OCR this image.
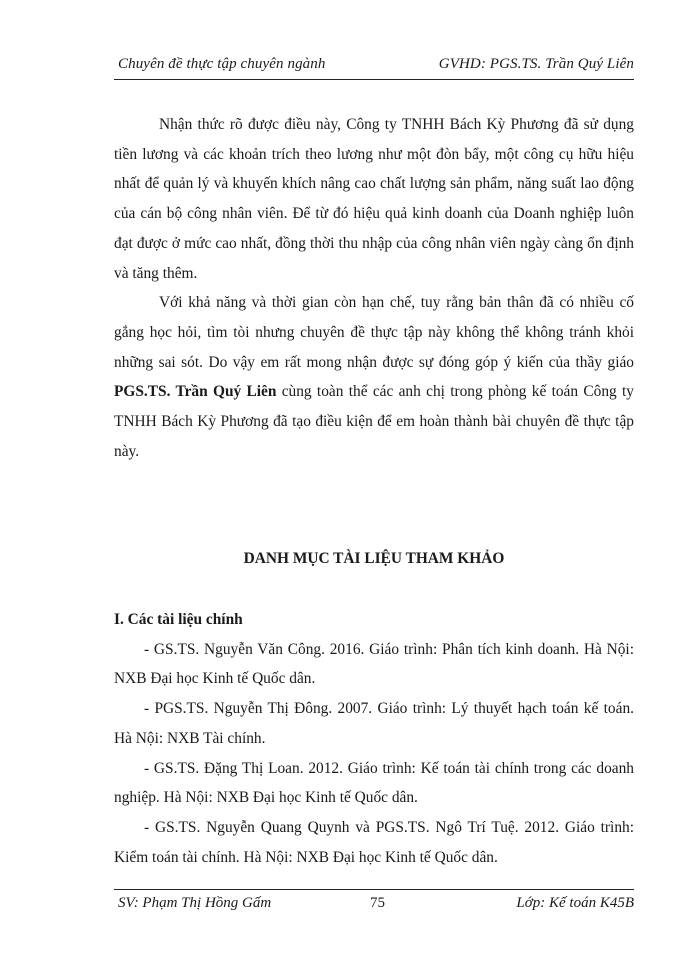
Chuyên đề thực tập chuyên ngành	GVHD: PGS.TS. Trần Quý Liên

Nhận thức rõ được điều này, Công ty TNHH Bách Kỳ Phương đã sử dụng tiền lương và các khoản trích theo lương như một đòn bẩy, một công cụ hữu hiệu nhất để quản lý và khuyến khích nâng cao chất lượng sản phẩm, năng suất lao động của cán bộ công nhân viên. Để từ đó hiệu quả kinh doanh của Doanh nghiệp luôn đạt được ở mức cao nhất, đồng thời thu nhập của công nhân viên ngày càng ổn định và tăng thêm.

Với khả năng và thời gian còn hạn chế, tuy rằng bản thân đã có nhiều cố gắng học hỏi, tìm tòi nhưng chuyên đề thực tập này không thể không tránh khỏi những sai sót. Do vậy em rất mong nhận được sự đóng góp ý kiến của thầy giáo PGS.TS. Trần Quý Liên cùng toàn thể các anh chị trong phòng kế toán Công ty TNHH Bách Kỳ Phương đã tạo điều kiện để em hoàn thành bài chuyên đề thực tập này.

DANH MỤC TÀI LIỆU THAM KHẢO

I. Các tài liệu chính

- GS.TS. Nguyễn Văn Công. 2016. Giáo trình: Phân tích kinh doanh. Hà Nội: NXB Đại học Kinh tế Quốc dân.

- PGS.TS. Nguyễn Thị Đông. 2007. Giáo trình: Lý thuyết hạch toán kế toán. Hà Nội: NXB Tài chính.

- GS.TS. Đặng Thị Loan. 2012. Giáo trình: Kế toán tài chính trong các doanh nghiệp. Hà Nội: NXB Đại học Kinh tế Quốc dân.

- GS.TS. Nguyễn Quang Quynh và PGS.TS. Ngô Trí Tuệ. 2012. Giáo trình: Kiểm toán tài chính. Hà Nội: NXB Đại học Kinh tế Quốc dân.

SV: Phạm Thị Hồng Gấm	75	Lớp: Kế toán K45B
